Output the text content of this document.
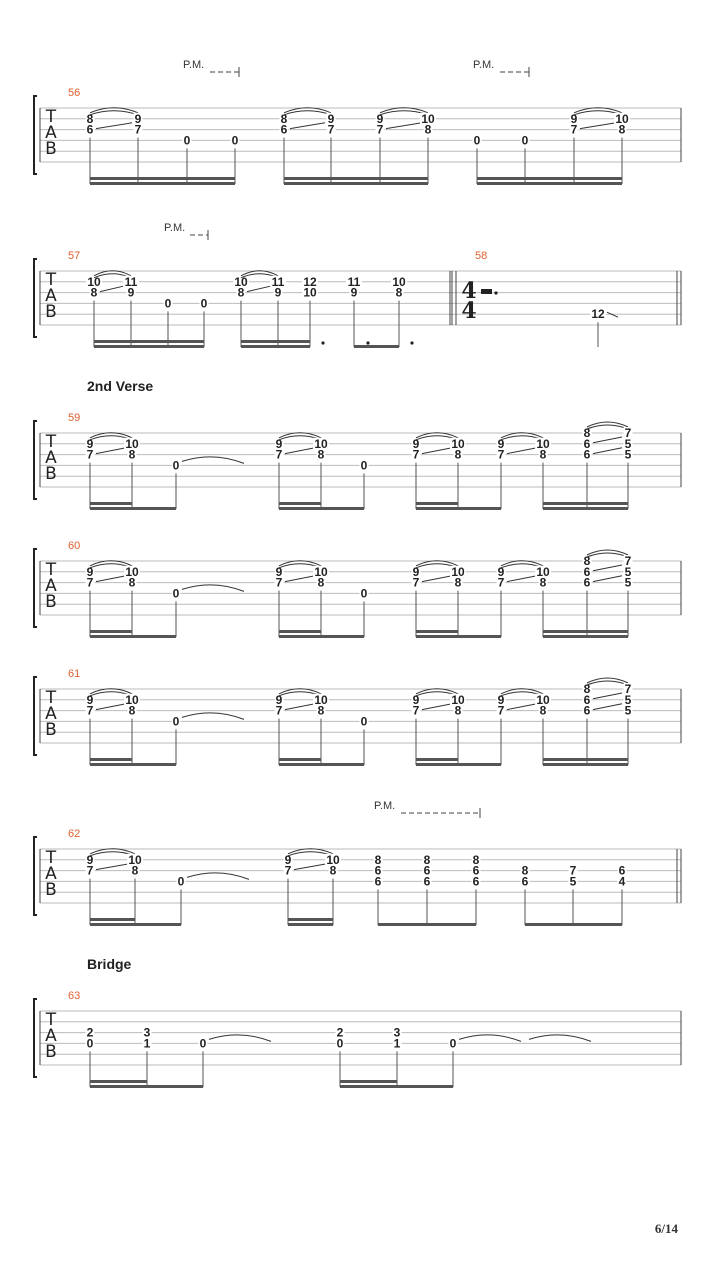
2nd Verse
Bridge
T
A
B
56
P.M.	P.M.
8
6
9
7
0	0
8
6
9
7
9
7
10
8
0	0
9
7
10
8
T
A
B
57
P.M.
10
8
11
9
0 0
10
8
11
9
12
10
11
9
10
8
58
4
4	12
T
A
B
59
9
7
10
8
0
9
7
10
8
0
9
7
10
8
9
7
10
8
8
6
6
7
5
5
T
A
B
60
9
7
10
8
0
9
7
10
8
0
9
7
10
8
9
7
10
8
8
6
6
7
5
5
T
A
B
61
9
7
10
8
0
9
7
10
8
0
9
7
10
8
9
7
10
8
8
6
6
7
5
5
T
A
B
62
P.M.
9
7
10
8
0
9
7
10
8
8
6
6
8
6
6
8
6
6
8
6
7
5
6
4
T
A
B
63
2
0
3
1	0
2
0
3
1	0
6/14
